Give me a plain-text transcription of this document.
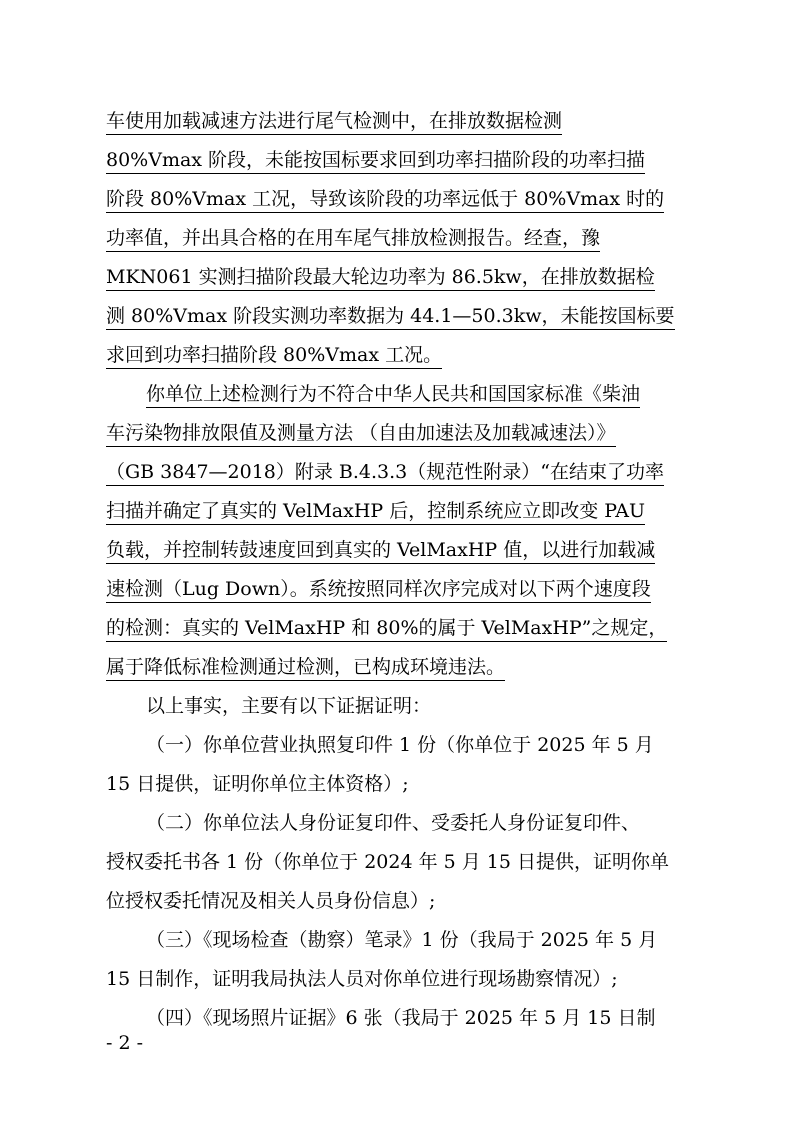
车使用加载减速方法进行尾气检测中，在排放数据检测

80%Vmax 阶段，未能按国标要求回到功率扫描阶段的功率扫描

阶段 80%Vmax 工况，导致该阶段的功率远低于 80%Vmax 时的

功率值，并出具合格的在用车尾气排放检测报告。经查，豫

MKN061 实测扫描阶段最大轮边功率为 86.5kw，在排放数据检

测 80%Vmax 阶段实测功率数据为 44.1—50.3kw，未能按国标要

求回到功率扫描阶段 80%Vmax 工况。

你单位上述检测行为不符合中华人民共和国国家标准《柴油

车污染物排放限值及测量方法 （自由加速法及加载减速法）》

（GB 3847—2018）附录 B.4.3.3（规范性附录）“在结束了功率

扫描并确定了真实的 VelMaxHP 后，控制系统应立即改变 PAU

负载，并控制转鼓速度回到真实的 VelMaxHP 值，以进行加载减

速检测（Lug Down）。系统按照同样次序完成对以下两个速度段

的检测：真实的 VelMaxHP 和 80%的属于 VelMaxHP”之规定，

属于降低标准检测通过检测，已构成环境违法。

以上事实，主要有以下证据证明：

（一）你单位营业执照复印件 1 份（你单位于 2025 年 5 月

15 日提供，证明你单位主体资格）;

（二）你单位法人身份证复印件、受委托人身份证复印件、

授权委托书各 1 份（你单位于 2024 年 5 月 15 日提供，证明你单

位授权委托情况及相关人员身份信息）;

（三）《现场检查（勘察）笔录》1 份（我局于 2025 年 5 月

15 日制作，证明我局执法人员对你单位进行现场勘察情况）;

（四）《现场照片证据》6 张（我局于 2025 年 5 月 15 日制

- 2 -
